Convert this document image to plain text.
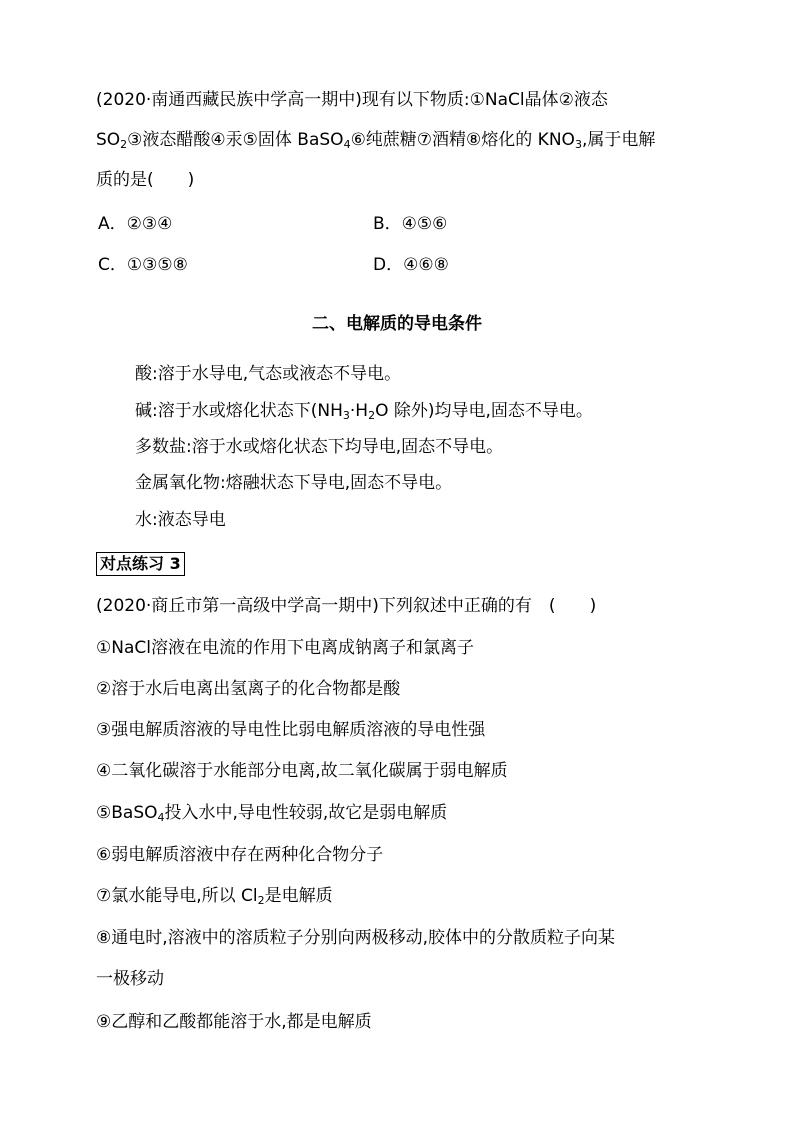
(2020·南通西藏民族中学高一期中)现有以下物质:①NaCl晶体②液态
$SO_2③$液态醋酸④汞⑤固体 BaSO$_4$⑥纯蔗糖⑦酒精⑧熔化的 $KNO_3$,属于电解
质的是(　　)
A．②③④	B．④⑤⑥
C．①③⑤⑧	D．④⑥⑧
二、电解质的导电条件
酸:溶于水导电,气态或液态不导电。
碱:溶于水或熔化状态下($NH_3\cdot H_2O$ 除外)均导电,固态不导电。
多数盐:溶于水或熔化状态下均导电,固态不导电。
金属氧化物:熔融状态下导电,固态不导电。
水:液态导电
对点练习 3
(2020·商丘市第一高级中学高一期中)下列叙述中正确的有　(　　)
①NaCl溶液在电流的作用下电离成钠离子和氯离子
②溶于水后电离出氢离子的化合物都是酸
③强电解质溶液的导电性比弱电解质溶液的导电性强
④二氧化碳溶于水能部分电离,故二氧化碳属于弱电解质
⑤BaSO$_4$投入水中,导电性较弱,故它是弱电解质
⑥弱电解质溶液中存在两种化合物分子
⑦氯水能导电,所以 $Cl_2$是电解质
⑧通电时,溶液中的溶质粒子分别向两极移动,胶体中的分散质粒子向某
一极移动
⑨乙醇和乙酸都能溶于水,都是电解质
